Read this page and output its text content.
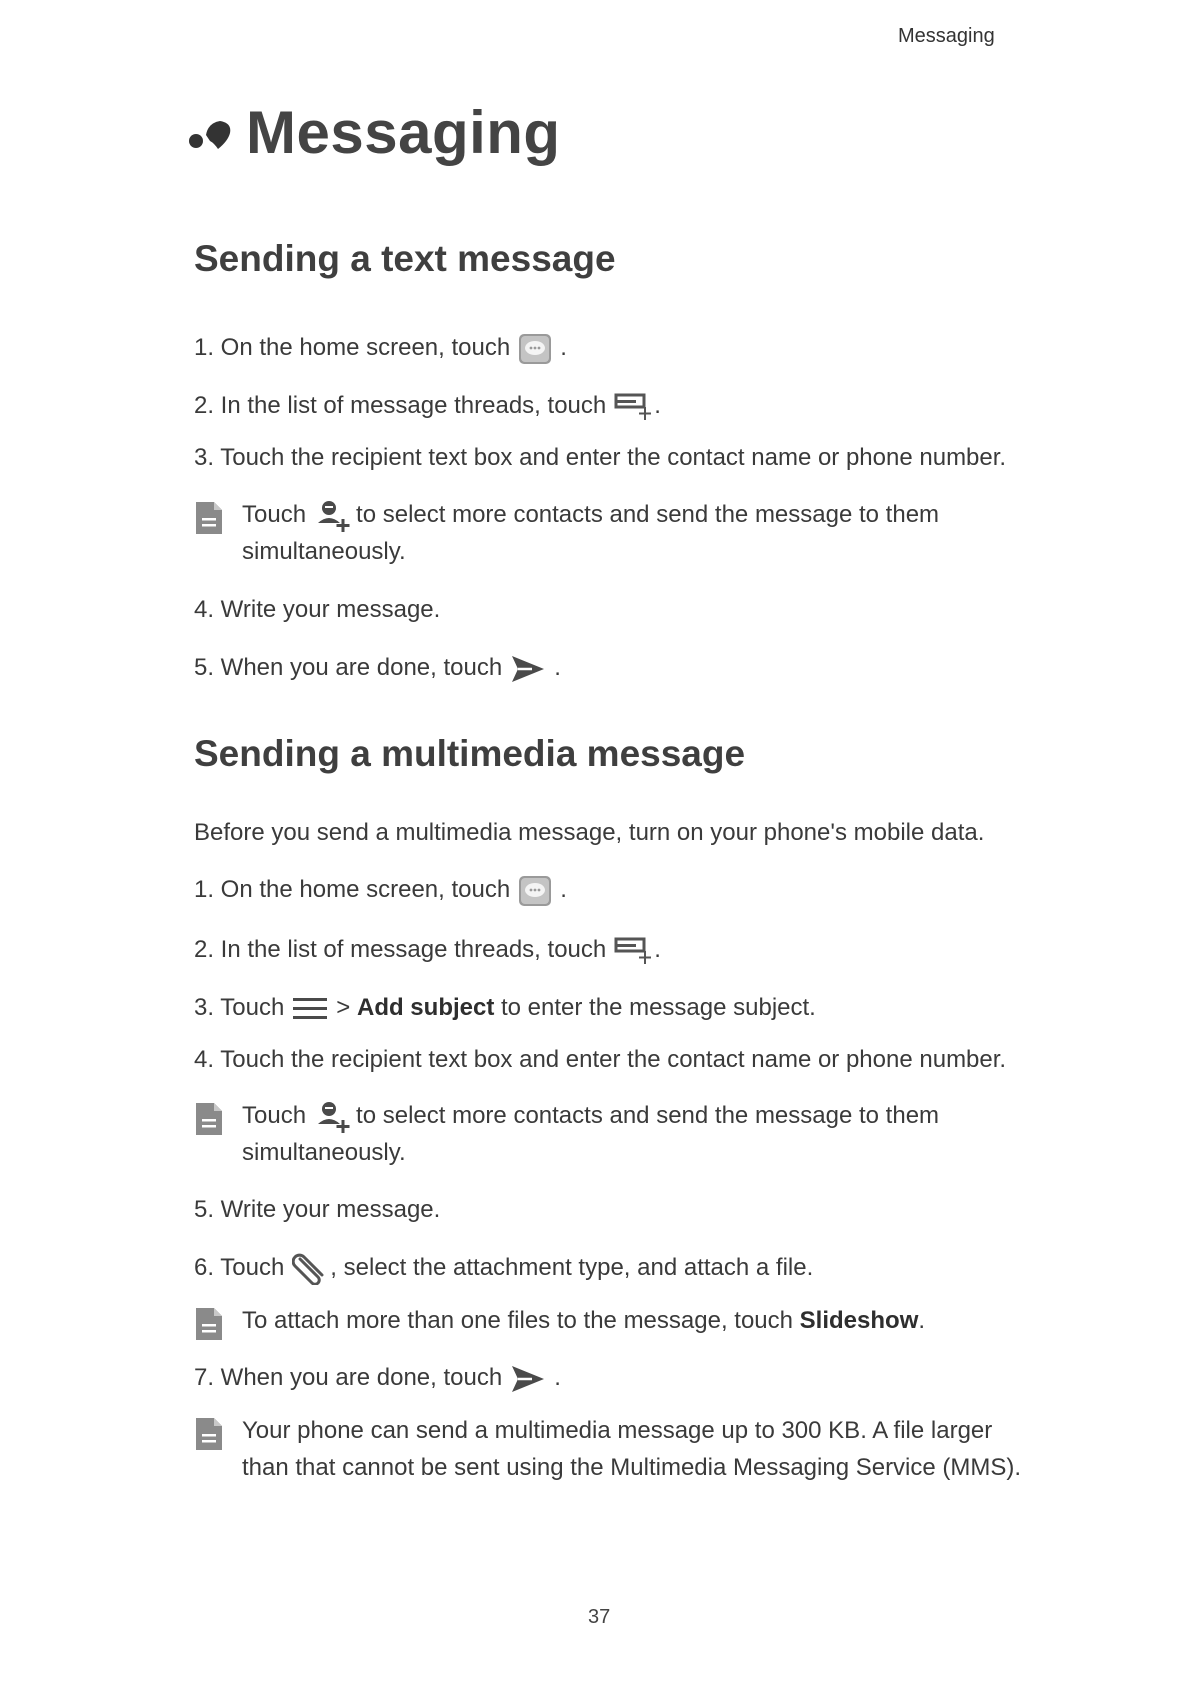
Messaging
Messaging
Sending a text message
1. On the home screen, touch .
2. In the list of message threads, touch .
3. Touch the recipient text box and enter the contact name or phone number.
Touch to select more contacts and send the message to them simultaneously.
4. Write your message.
5. When you are done, touch .
Sending a multimedia message
Before you send a multimedia message, turn on your phone's mobile data.
1. On the home screen, touch .
2. In the list of message threads, touch .
3. Touch > Add subject to enter the message subject.
4. Touch the recipient text box and enter the contact name or phone number.
Touch to select more contacts and send the message to them simultaneously.
5. Write your message.
6. Touch , select the attachment type, and attach a file.
To attach more than one files to the message, touch Slideshow.
7. When you are done, touch .
Your phone can send a multimedia message up to 300 KB. A file larger than that cannot be sent using the Multimedia Messaging Service (MMS).
37
